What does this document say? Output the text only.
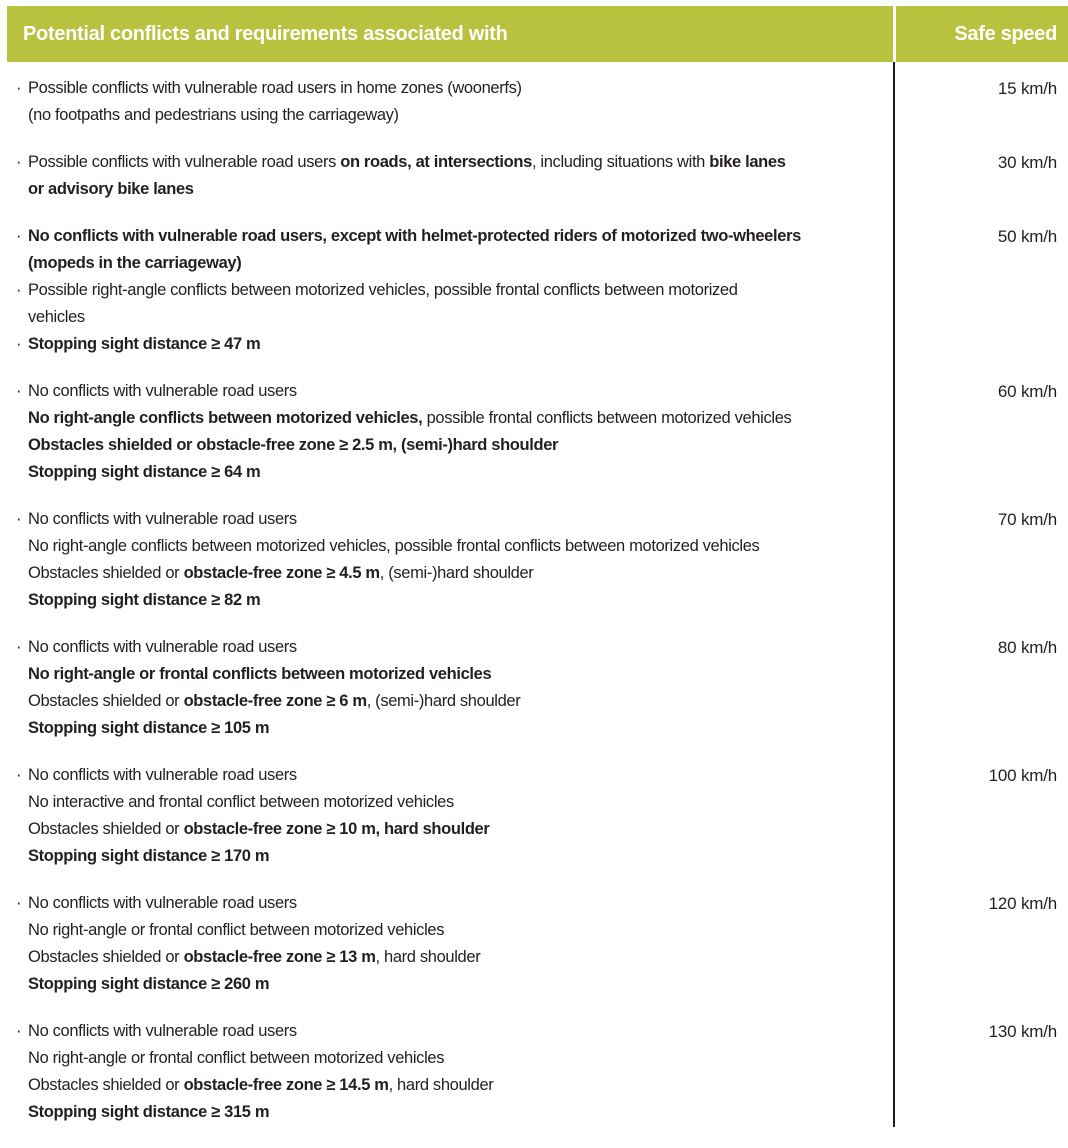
Potential conflicts and requirements associated with	Safe speed

· Possible conflicts with vulnerable road users in home zones (woonerfs)

(no footpaths and pedestrians using the carriageway)

15 km/h

· Possible conflicts with vulnerable road users on roads, at intersections, including situations with bike lanes

or advisory bike lanes

30 km/h

· No conflicts with vulnerable road users, except with helmet-protected riders of motorized two-wheelers

(mopeds in the carriageway)

· Possible right-angle conflicts between motorized vehicles, possible frontal conflicts between motorized

vehicles

· Stopping sight distance ≥ 47 m

50 km/h

· No conflicts with vulnerable road users

No right-angle conflicts between motorized vehicles, possible frontal conflicts between motorized vehicles

Obstacles shielded or obstacle-free zone ≥ 2.5 m, (semi-)hard shoulder

Stopping sight distance ≥ 64 m

60 km/h

· No conflicts with vulnerable road users

No right-angle conflicts between motorized vehicles, possible frontal conflicts between motorized vehicles

Obstacles shielded or obstacle-free zone ≥ 4.5 m, (semi-)hard shoulder

Stopping sight distance ≥ 82 m

70 km/h

· No conflicts with vulnerable road users

No right-angle or frontal conflicts between motorized vehicles

Obstacles shielded or obstacle-free zone ≥ 6 m, (semi-)hard shoulder

Stopping sight distance ≥ 105 m

80 km/h

· No conflicts with vulnerable road users

No interactive and frontal conflict between motorized vehicles

Obstacles shielded or obstacle-free zone ≥ 10 m, hard shoulder

Stopping sight distance ≥ 170 m

100 km/h

· No conflicts with vulnerable road users

No right-angle or frontal conflict between motorized vehicles

Obstacles shielded or obstacle-free zone ≥ 13 m, hard shoulder

Stopping sight distance ≥ 260 m

120 km/h

· No conflicts with vulnerable road users

No right-angle or frontal conflict between motorized vehicles

Obstacles shielded or obstacle-free zone ≥ 14.5 m, hard shoulder

Stopping sight distance ≥ 315 m

130 km/h
